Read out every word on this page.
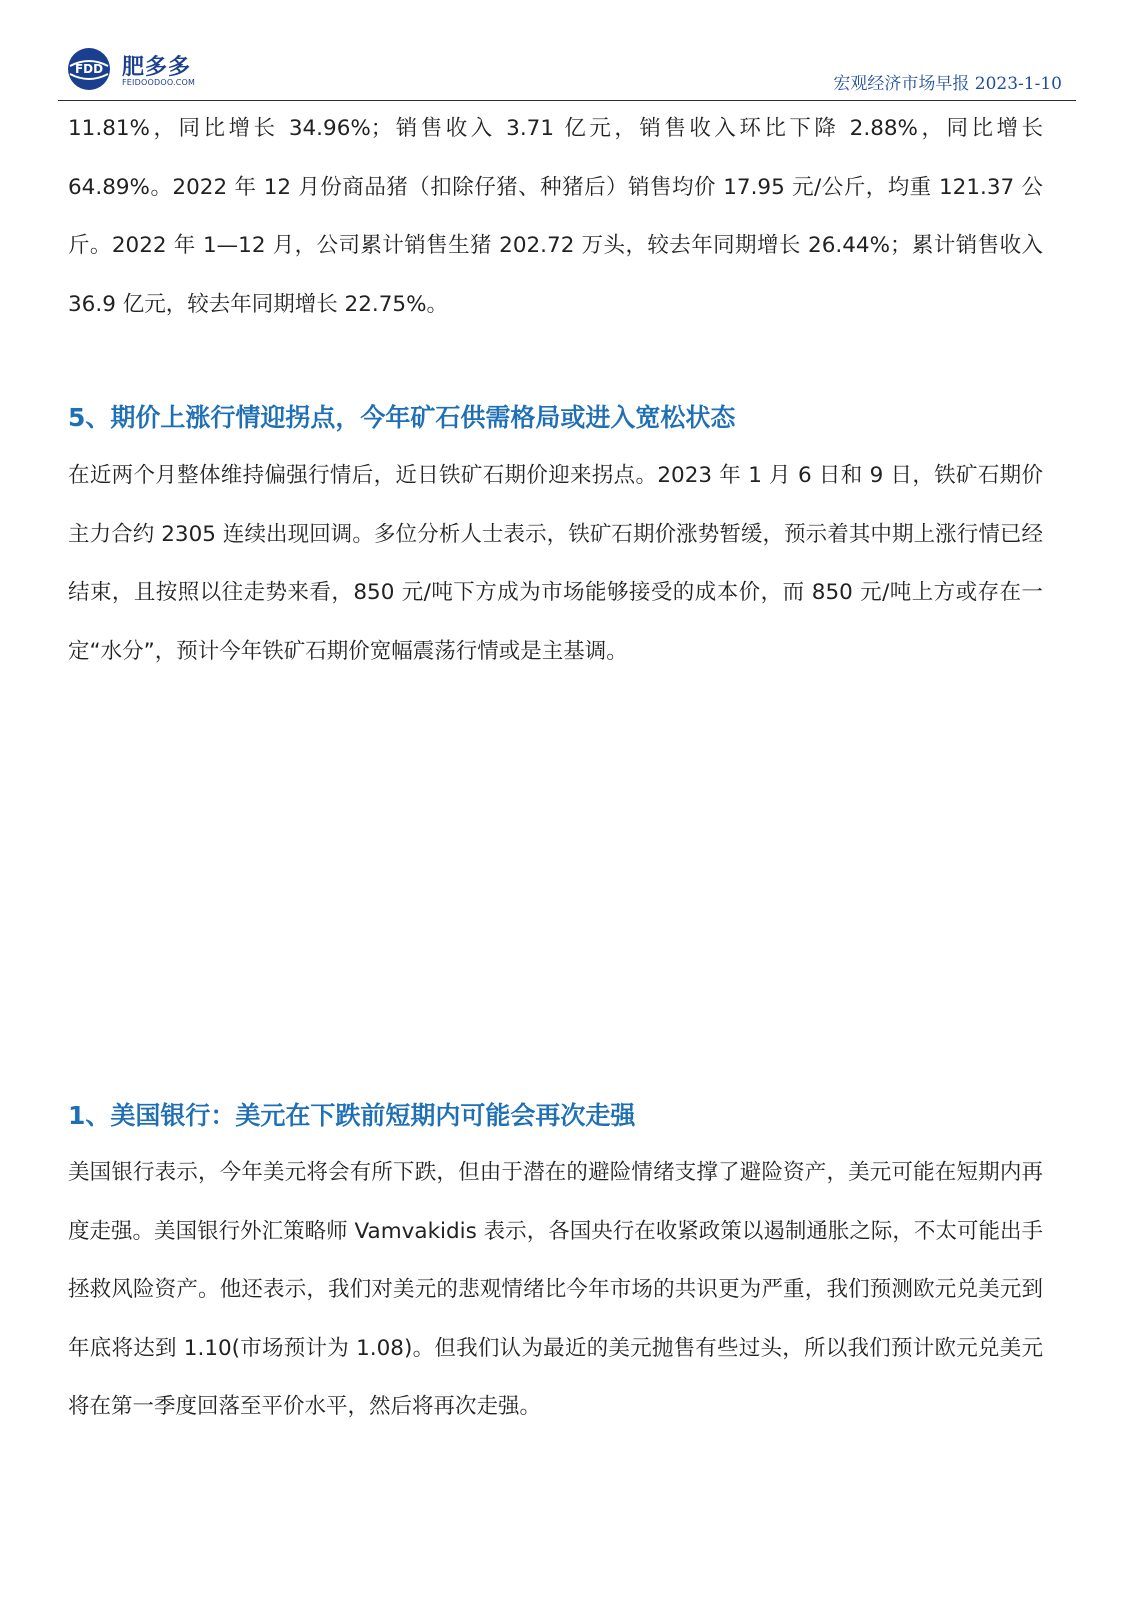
FDD 肥多多
FEIDOODOO.COM	宏观经济市场早报 2023-1-10

11.81%，同比增长 34.96%；销售收入 3.71 亿元，销售收入环比下降 2.88%，同比增长 64.89%。2022 年 12 月份商品猪（扣除仔猪、种猪后）销售均价 17.95 元/公斤，均重 121.37 公斤。2022 年 1—12 月，公司累计销售生猪 202.72 万头，较去年同期增长 26.44%；累计销售收入 36.9 亿元，较去年同期增长 22.75%。

5、期价上涨行情迎拐点，今年矿石供需格局或进入宽松状态

在近两个月整体维持偏强行情后，近日铁矿石期价迎来拐点。2023 年 1 月 6 日和 9 日，铁矿石期价主力合约 2305 连续出现回调。多位分析人士表示，铁矿石期价涨势暂缓，预示着其中期上涨行情已经结束，且按照以往走势来看，850 元/吨下方成为市场能够接受的成本价，而 850 元/吨上方或存在一定“水分”，预计今年铁矿石期价宽幅震荡行情或是主基调。

1、美国银行：美元在下跌前短期内可能会再次走强

美国银行表示，今年美元将会有所下跌，但由于潜在的避险情绪支撑了避险资产，美元可能在短期内再度走强。美国银行外汇策略师 Vamvakidis 表示，各国央行在收紧政策以遏制通胀之际，不太可能出手拯救风险资产。他还表示，我们对美元的悲观情绪比今年市场的共识更为严重，我们预测欧元兑美元到年底将达到 1.10(市场预计为 1.08)。但我们认为最近的美元抛售有些过头，所以我们预计欧元兑美元将在第一季度回落至平价水平，然后将再次走强。
